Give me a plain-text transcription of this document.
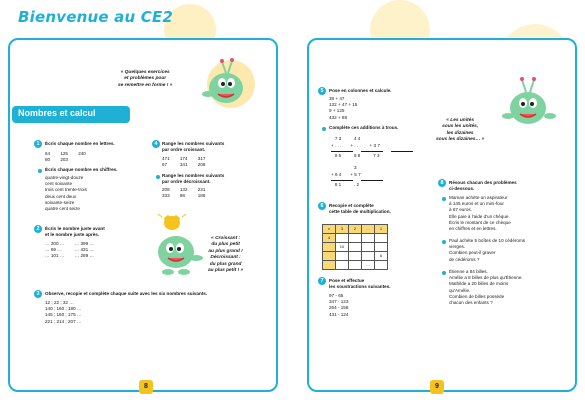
Bienvenue au CE2
« Quelques exercices
et problèmes pour
se remettre en forme ! »
Nombres et calcul
1	Écris chaque nombre en lettres.
64        125        240
80        203
Écris chaque nombre en chiffres.
quatre-vingt-douze
cent soixante
trois cent trente-trois
deux cent deux
soixante-seize
quatre cent seize
4 Range les nombres suivants
par ordre croissant.
471        174        317
67          341        208
Range les nombres suivants
par ordre décroissant.
208        132        231
333        98          188
2	Écris le nombre juste avant
et le nombre juste après.
… 200 …        … 399 …
… 69 …          … 431 …
… 101 …        … 289 …
« Croissant :
du plus petit
au plus grand !
Décroissant :
du plus grand
au plus petit ! »
3	Observe, recopie et complète chaque suite avec les six nombres suivants.
12 ; 22 ; 32 …
140 ; 160 ; 180 …
145 ; 160 ; 175 …
221 ; 214 ; 207 …
8
5	Pose en colonnes et calcule.
38 + 47
132 + 47 + 15
9 + 125
432 + 88
Complète ces additions à trous.
7 3          4 4
+ . . .       + . . .       + 3 7
9 5          8 8          7 3
3
+ 6 4       + 5 7
8 1          . 2
« Les unités
sous les unités,
les dizaines
sous les dizaines… »
6	Recopie et complète
cette table de multiplication.
x	3	2	…	1
4				
	10			
				6
			…	
7	Pose et effectue
les soustractions suivantes.
97 - 65
347 - 123
264 - 158
431 - 124
8	Résous chacun des problèmes
ci-dessous.
Maman achète un aspirateur
à 145 euros et un mini-four
à 67 euros.
Elle paie à l'aide d'un chèque.
Écris le montant de ce chèque
en chiffres et en lettres.
Paul achète 5 boîtes de 10 cédéroms
vierges.
Combien peut-il graver
de cédéroms ?
Étienne a 84 billes.
Amélie a 8 billes de plus qu'Étienne.
Mathilde a 20 billes de moins
qu'Amélie.
Combien de billes possède
chacun des enfants ?
9
